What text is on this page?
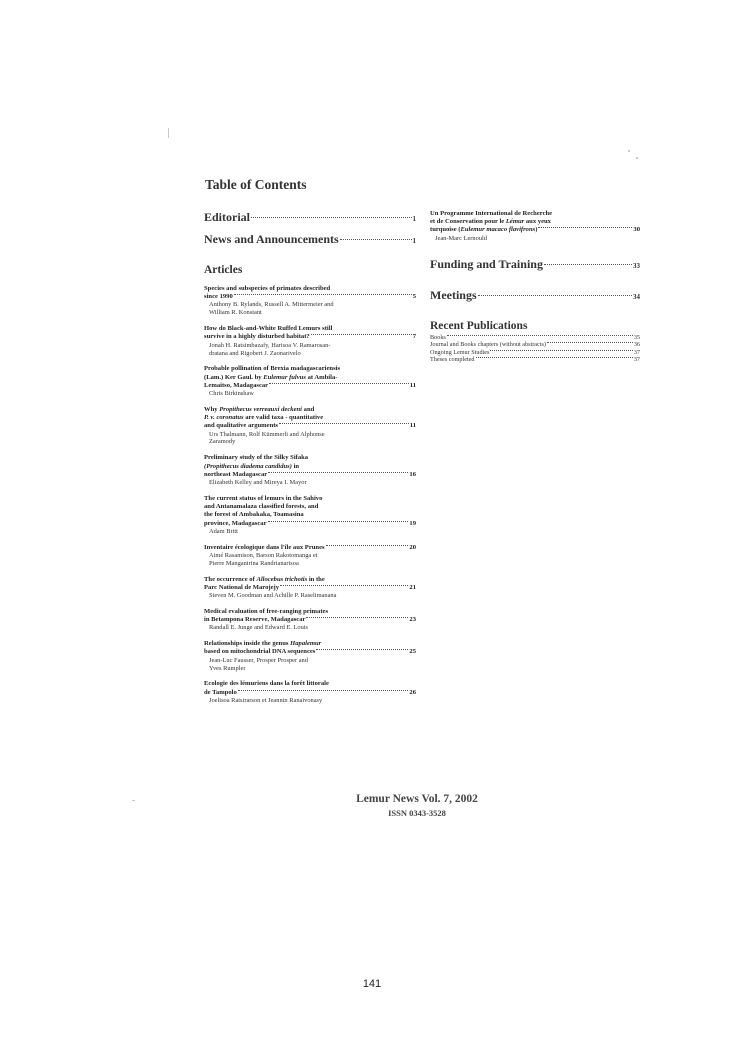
Table of Contents
Editorial	1
News and Announcements	1
Articles
Species and subspecies of primates described
since 1990	5
Anthony B. Rylands, Russell A. Mittermeier and
William R. Konstant
How do Black-and-White Ruffed Lemurs still
survive in a highly disturbed habitat?	7
Jonah H. Ratsimbazafy, Harisoa V. Ramarosan-
dratana and Rigobert J. Zaonarivelo
Probable pollination of Brexia madagascariensis
(Lam.) Ker Gaul. by Eulemur fulvus at Ambila-
Lemaitso, Madagascar	11
Chris Birkinshaw
Why Propithecus verreauxi deckeni and
P. v. coronatus are valid taxa - quantitative
and qualitative arguments	11
Urs Thalmann, Rolf Kümmerli and Alphonse
Zaramody
Preliminary study of the Silky Sifaka
(Propithecus diadema candidus) in
northeast Madagascar	16
Elizabeth Kelley and Mireya I. Mayor
The current status of lemurs in the Sahivo
and Antanamalaza classified forests, and
the forest of Ambakaka, Toamasina
province, Madagascar	19
Adam Britt
Inventaire écologique dans l'île aux Prunes	20
Aimé Rasamison, Barson Rakotomanga et
Pierre Manganirina Randrianarisoa
The occurrence of Allocebus trichotis in the
Parc National de Marojejy	21
Steven M. Goodman and Achille P. Raselimanana
Medical evaluation of free-ranging primates
in Betampona Reserve, Madagascar	23
Randall E. Junge and Edward E. Louis
Relationships inside the genus Hapalemur
based on mitochondrial DNA sequences	25
Jean-Luc Fausser, Prosper Prosper and
Yves Rumpler
Ecologie des lémuriens dans la forêt littorale
de Tampolo	26
Joelisoa Ratsirarson et Jeannin Ranaivonasy
Un Programme International de Recherche
et de Conservation pour le Lémur aux yeux
turquoise (Eulemur macaco flavifrons)	30
Jean-Marc Lernould
Funding and Training	33
Meetings	34
Recent Publications
Books	35
Journal and Books chapters (without abstracts)	36
Ongoing Lemur Studies	37
Theses completed	37
Lemur News Vol. 7, 2002
ISSN 0343-3528
141
